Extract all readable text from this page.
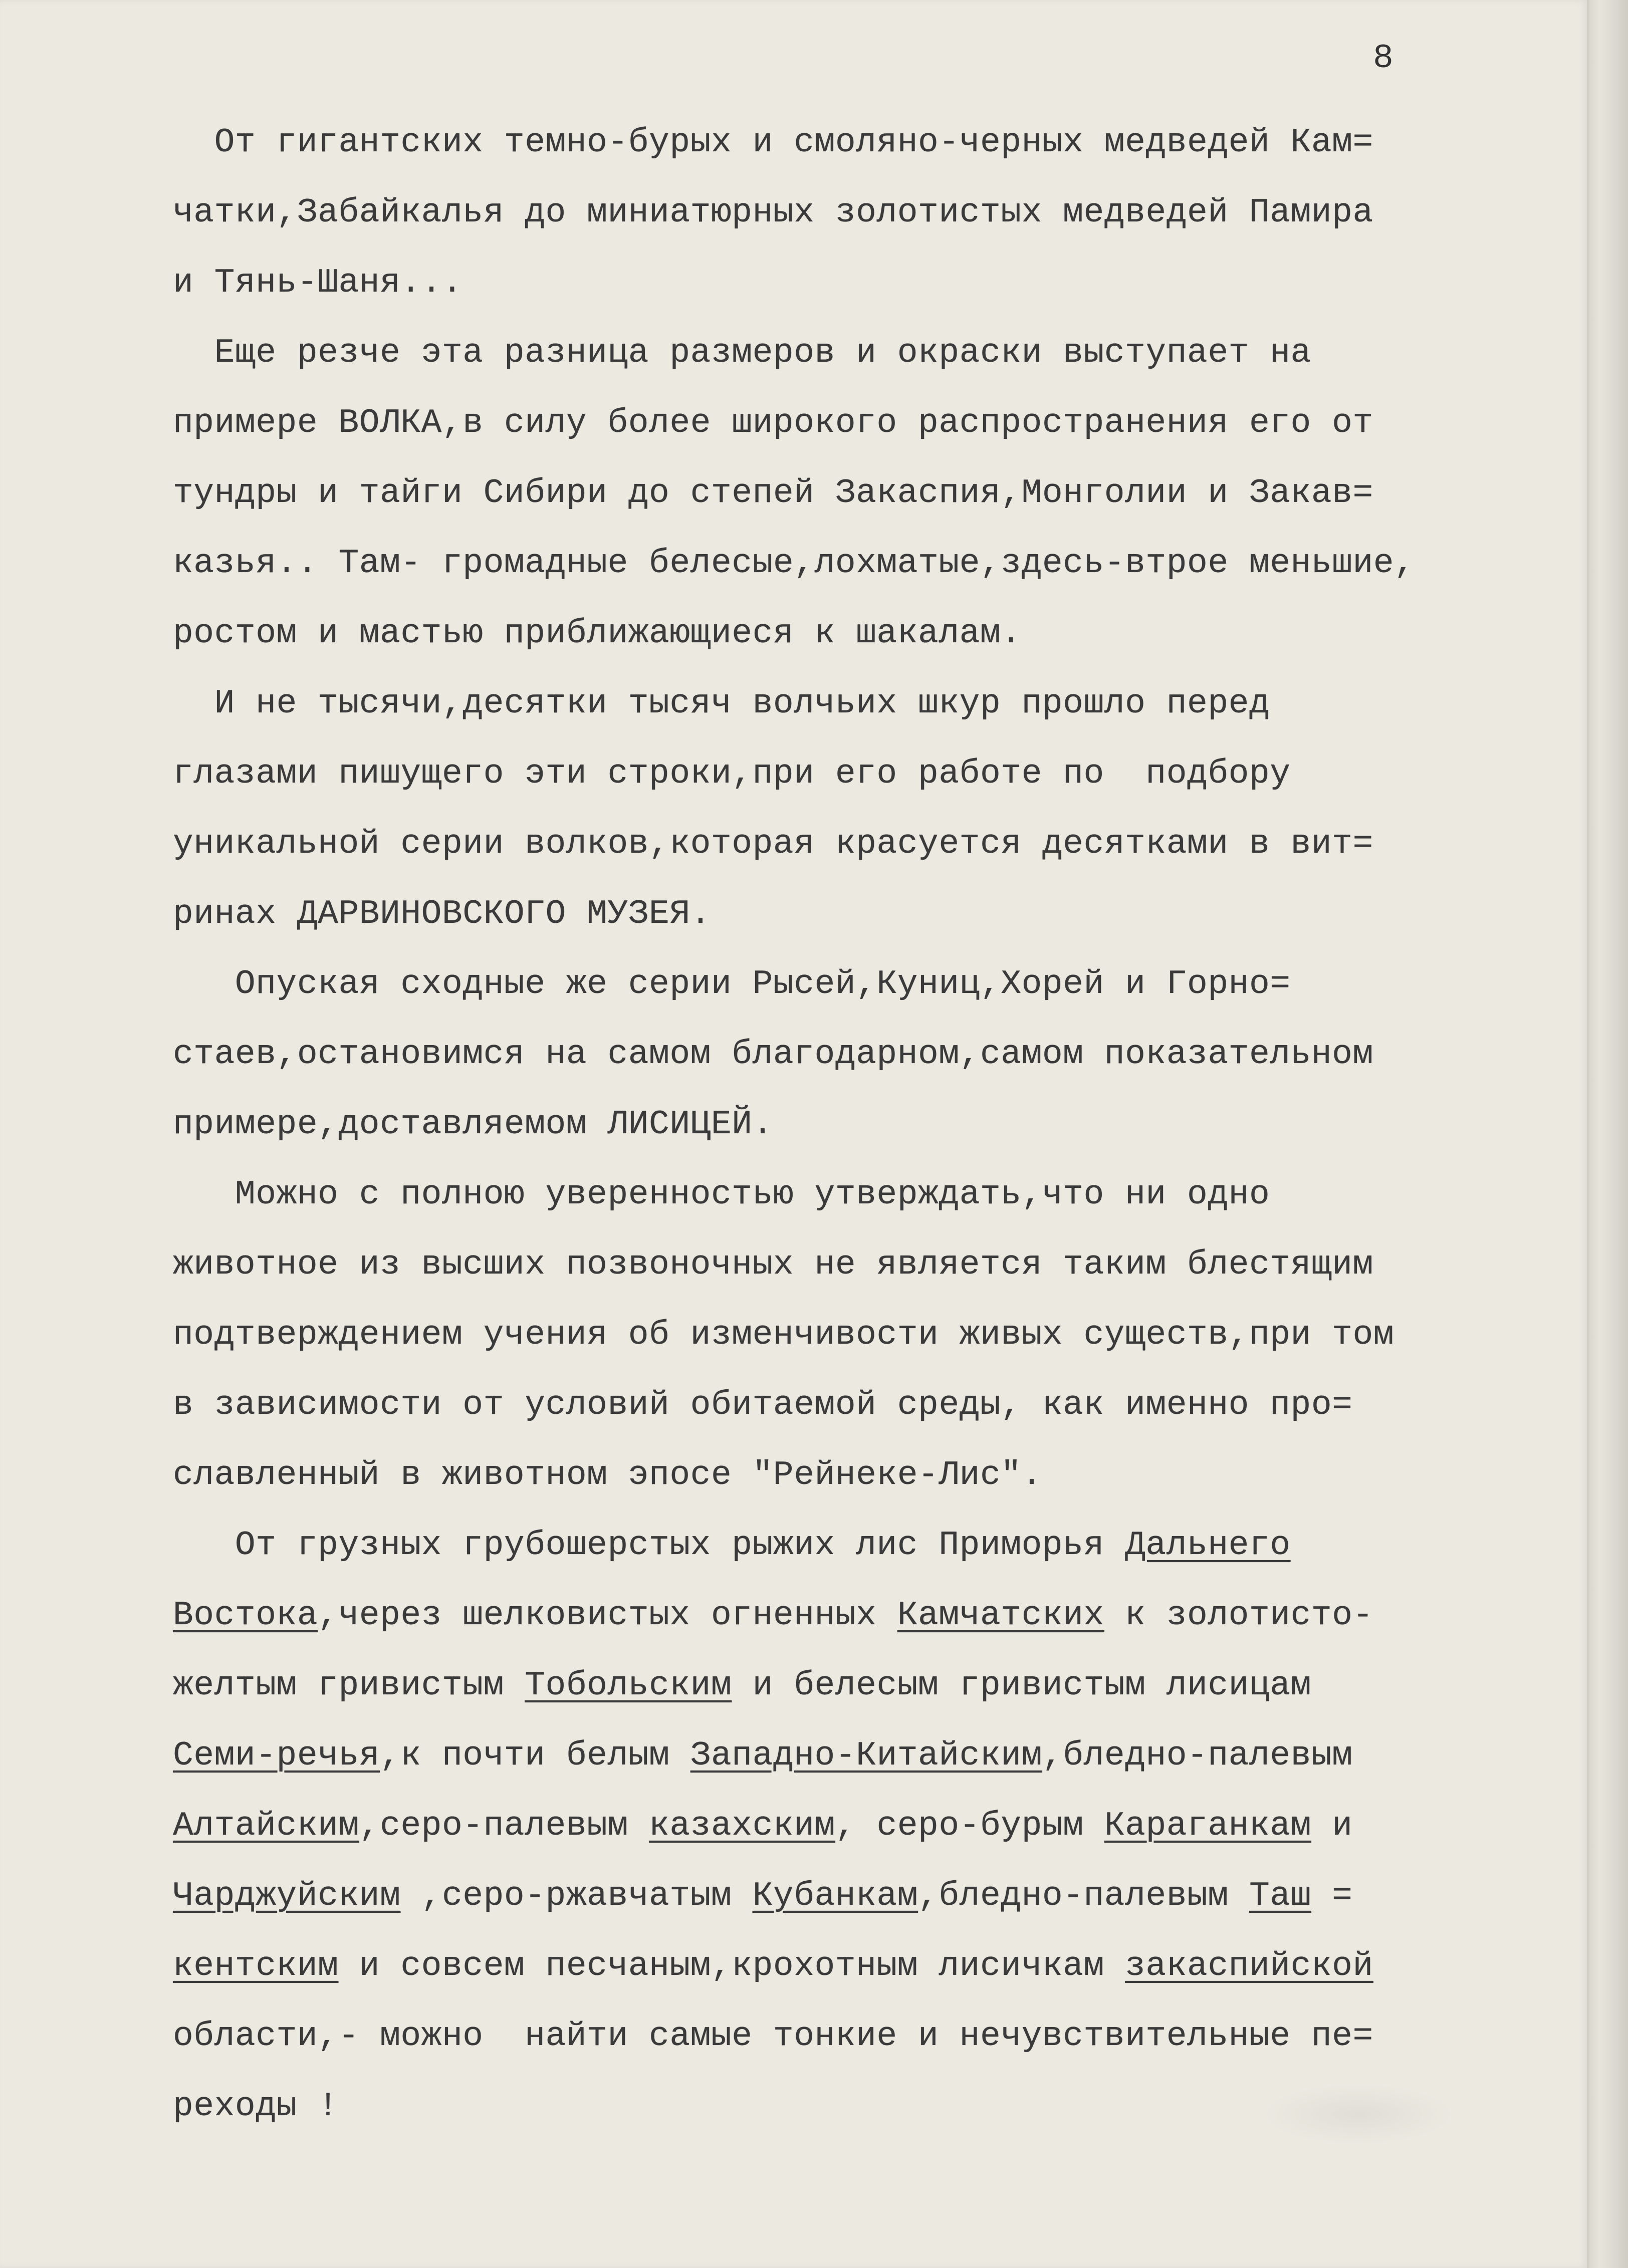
8
От гигантских темно-бурых и смоляно-черных медведей Кам=
чатки,Забайкалья до миниатюрных золотистых медведей Памира
и Тянь-Шаня...
Еще резче эта разница размеров и окраски выступает на
примере ВОЛКА,в силу более широкого распространения его от
тундры и тайги Сибири до степей Закаспия,Монголии и Закав=
казья.. Там- громадные белесые,лохматые,здесь-втрое меньшие,
ростом и мастью приближающиеся к шакалам.
И не тысячи,десятки тысяч волчьих шкур прошло перед
глазами пишущего эти строки,при его работе по  подбору
уникальной серии волков,которая красуется десятками в вит=
ринах ДАРВИНОВСКОГО МУЗЕЯ.
Опуская сходные же серии Рысей,Куниц,Хорей и Горно=
стаев,остановимся на самом благодарном,самом показательном
примере,доставляемом ЛИСИЦЕЙ.
Можно с полною уверенностью утверждать,что ни одно
животное из высших позвоночных не является таким блестящим
подтверждением учения об изменчивости живых существ,при том
в зависимости от условий обитаемой среды, как именно про=
славленный в животном эпосе "Рейнеке-Лис".
От грузных грубошерстых рыжих лис Приморья Дальнего
Востока,через шелковистых огненных Камчатских к золотисто-
желтым гривистым Тобольским и белесым гривистым лисицам
Семи-речья,к почти белым Западно-Китайским,бледно-палевым
Алтайским,серо-палевым казахским, серо-бурым Караганкам и
Чарджуйским ,серо-ржавчатым Кубанкам,бледно-палевым Таш =
кентским и совсем песчаным,крохотным лисичкам закаспийской
области,- можно  найти самые тонкие и нечувствительные пе=
реходы !
